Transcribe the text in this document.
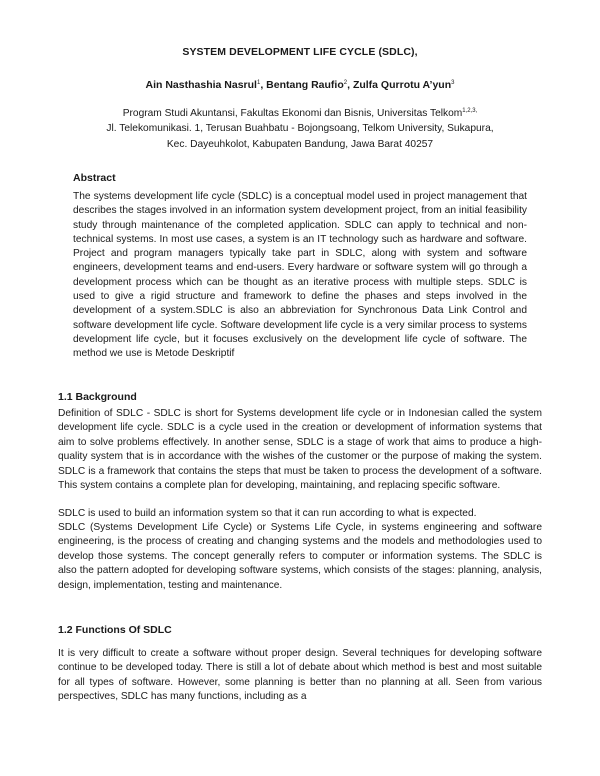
SYSTEM DEVELOPMENT LIFE CYCLE (SDLC),
Ain Nasthashia Nasrul$^1$, Bentang Raufio$^2$, Zulfa Qurrotu A’yun$^3$
Program Studi Akuntansi, Fakultas Ekonomi dan Bisnis, Universitas Telkom$^{1,2,3,}$
Jl. Telekomunikasi. 1, Terusan Buahbatu - Bojongsoang, Telkom University, Sukapura,
Kec. Dayeuhkolot, Kabupaten Bandung, Jawa Barat 40257
Abstract
The systems development life cycle (SDLC) is a conceptual model used in project management that describes the stages involved in an information system development project, from an initial feasibility study through maintenance of the completed application. SDLC can apply to technical and non-technical systems. In most use cases, a system is an IT technology such as hardware and software. Project and program managers typically take part in SDLC, along with system and software engineers, development teams and end-users. Every hardware or software system will go through a development process which can be thought as an iterative process with multiple steps. SDLC is used to give a rigid structure and framework to define the phases and steps involved in the development of a system.SDLC is also an abbreviation for Synchronous Data Link Control and software development life cycle. Software development life cycle is a very similar process to systems development life cycle, but it focuses exclusively on the development life cycle of software. The method we use is Metode Deskriptif
1.1 Background
Definition of SDLC - SDLC is short for Systems development life cycle or in Indonesian called the system development life cycle. SDLC is a cycle used in the creation or development of information systems that aim to solve problems effectively. In another sense, SDLC is a stage of work that aims to produce a high-quality system that is in accordance with the wishes of the customer or the purpose of making the system. SDLC is a framework that contains the steps that must be taken to process the development of a software. This system contains a complete plan for developing, maintaining, and replacing specific software.
SDLC is used to build an information system so that it can run according to what is expected.
SDLC (Systems Development Life Cycle) or Systems Life Cycle, in systems engineering and software engineering, is the process of creating and changing systems and the models and methodologies used to develop those systems. The concept generally refers to computer or information systems. The SDLC is also the pattern adopted for developing software systems, which consists of the stages: planning, analysis, design, implementation, testing and maintenance.
1.2 Functions Of SDLC
It is very difficult to create a software without proper design. Several techniques for developing software continue to be developed today. There is still a lot of debate about which method is best and most suitable for all types of software. However, some planning is better than no planning at all. Seen from various perspectives, SDLC has many functions, including as a
